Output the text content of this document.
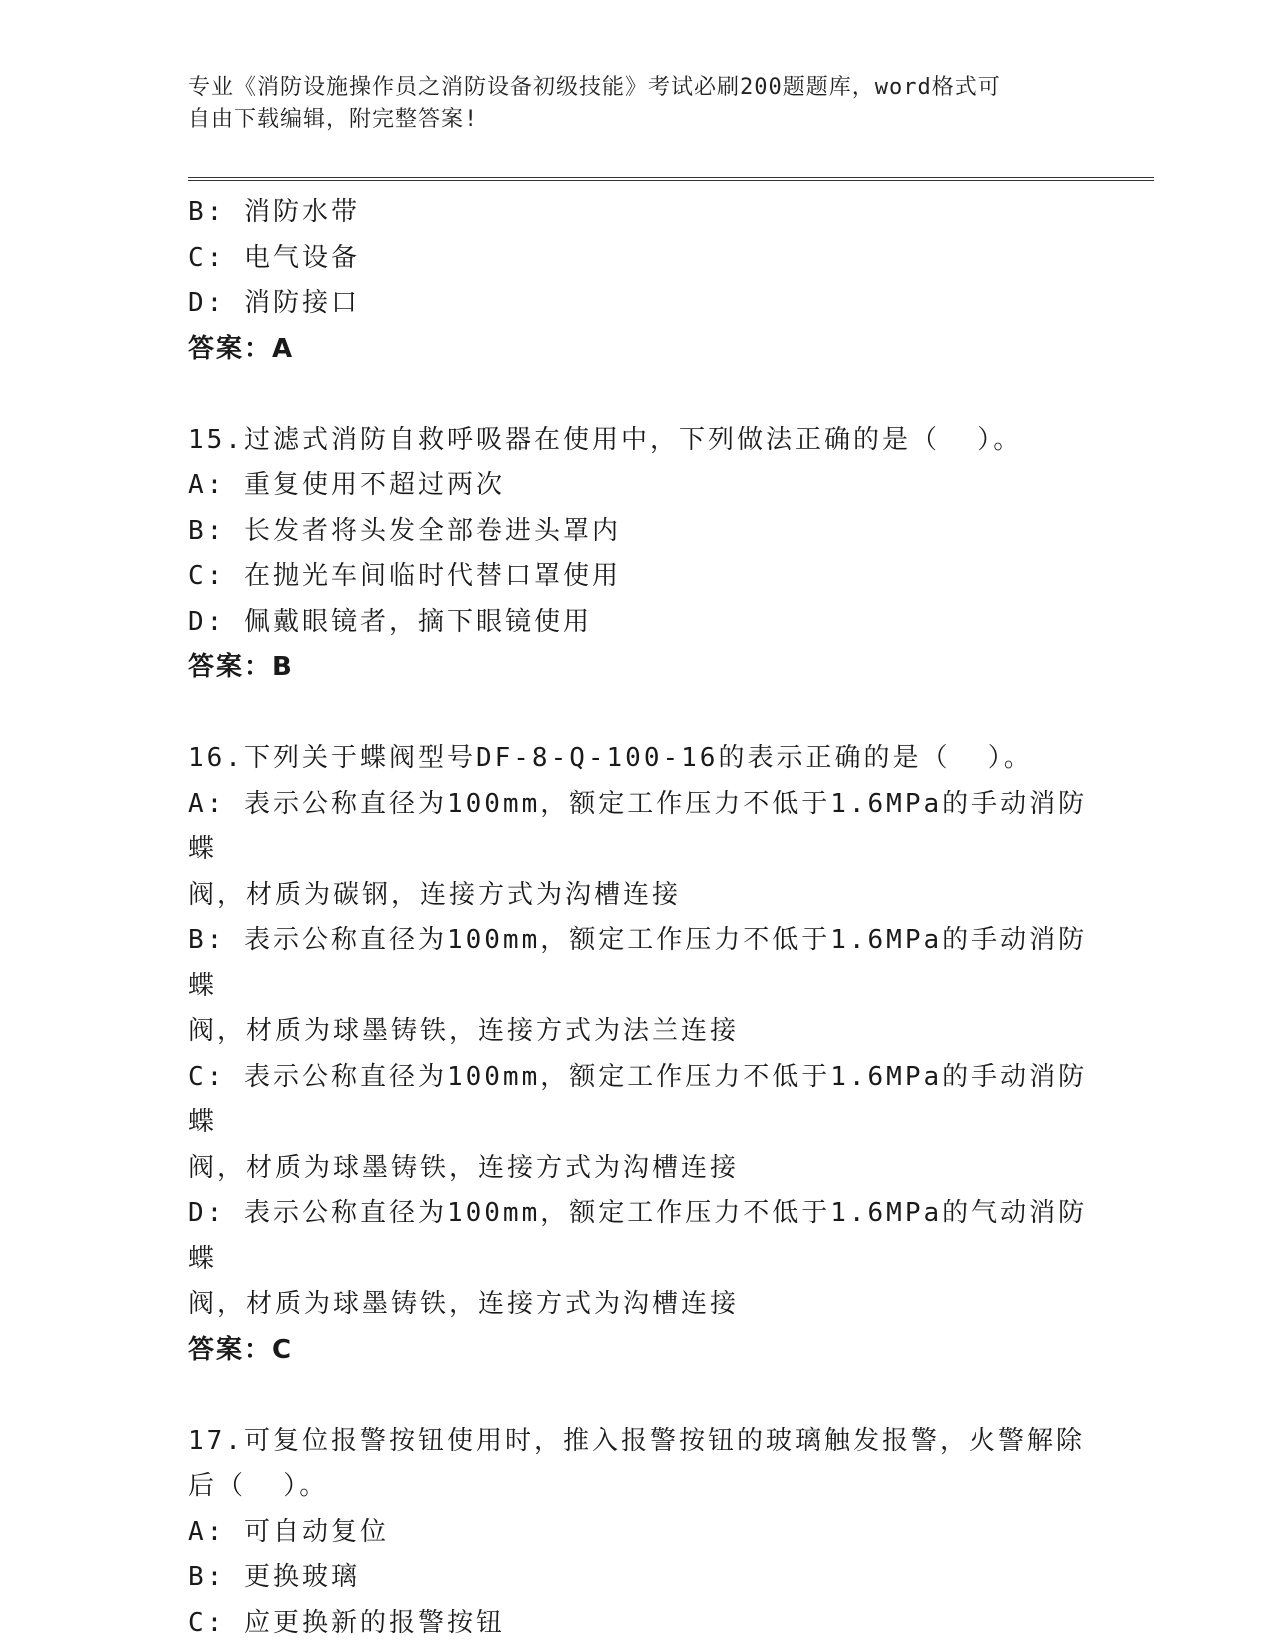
专业《消防设施操作员之消防设备初级技能》考试必刷200题题库，word格式可
自由下载编辑，附完整答案!
B: 消防水带
C: 电气设备
D: 消防接口
答案：A
15.过滤式消防自救呼吸器在使用中，下列做法正确的是（  ）。
A: 重复使用不超过两次
B: 长发者将头发全部卷进头罩内
C: 在抛光车间临时代替口罩使用
D: 佩戴眼镜者，摘下眼镜使用
答案：B
16.下列关于蝶阀型号DF-8-Q-100-16的表示正确的是（  ）。
A: 表示公称直径为100mm，额定工作压力不低于1.6MPa的手动消防蝶
阀，材质为碳钢，连接方式为沟槽连接
B: 表示公称直径为100mm，额定工作压力不低于1.6MPa的手动消防蝶
阀，材质为球墨铸铁，连接方式为法兰连接
C: 表示公称直径为100mm，额定工作压力不低于1.6MPa的手动消防蝶
阀，材质为球墨铸铁，连接方式为沟槽连接
D: 表示公称直径为100mm，额定工作压力不低于1.6MPa的气动消防蝶
阀，材质为球墨铸铁，连接方式为沟槽连接
答案：C
17.可复位报警按钮使用时，推入报警按钮的玻璃触发报警，火警解除
后（  ）。
A: 可自动复位
B: 更换玻璃
C: 应更换新的报警按钮
